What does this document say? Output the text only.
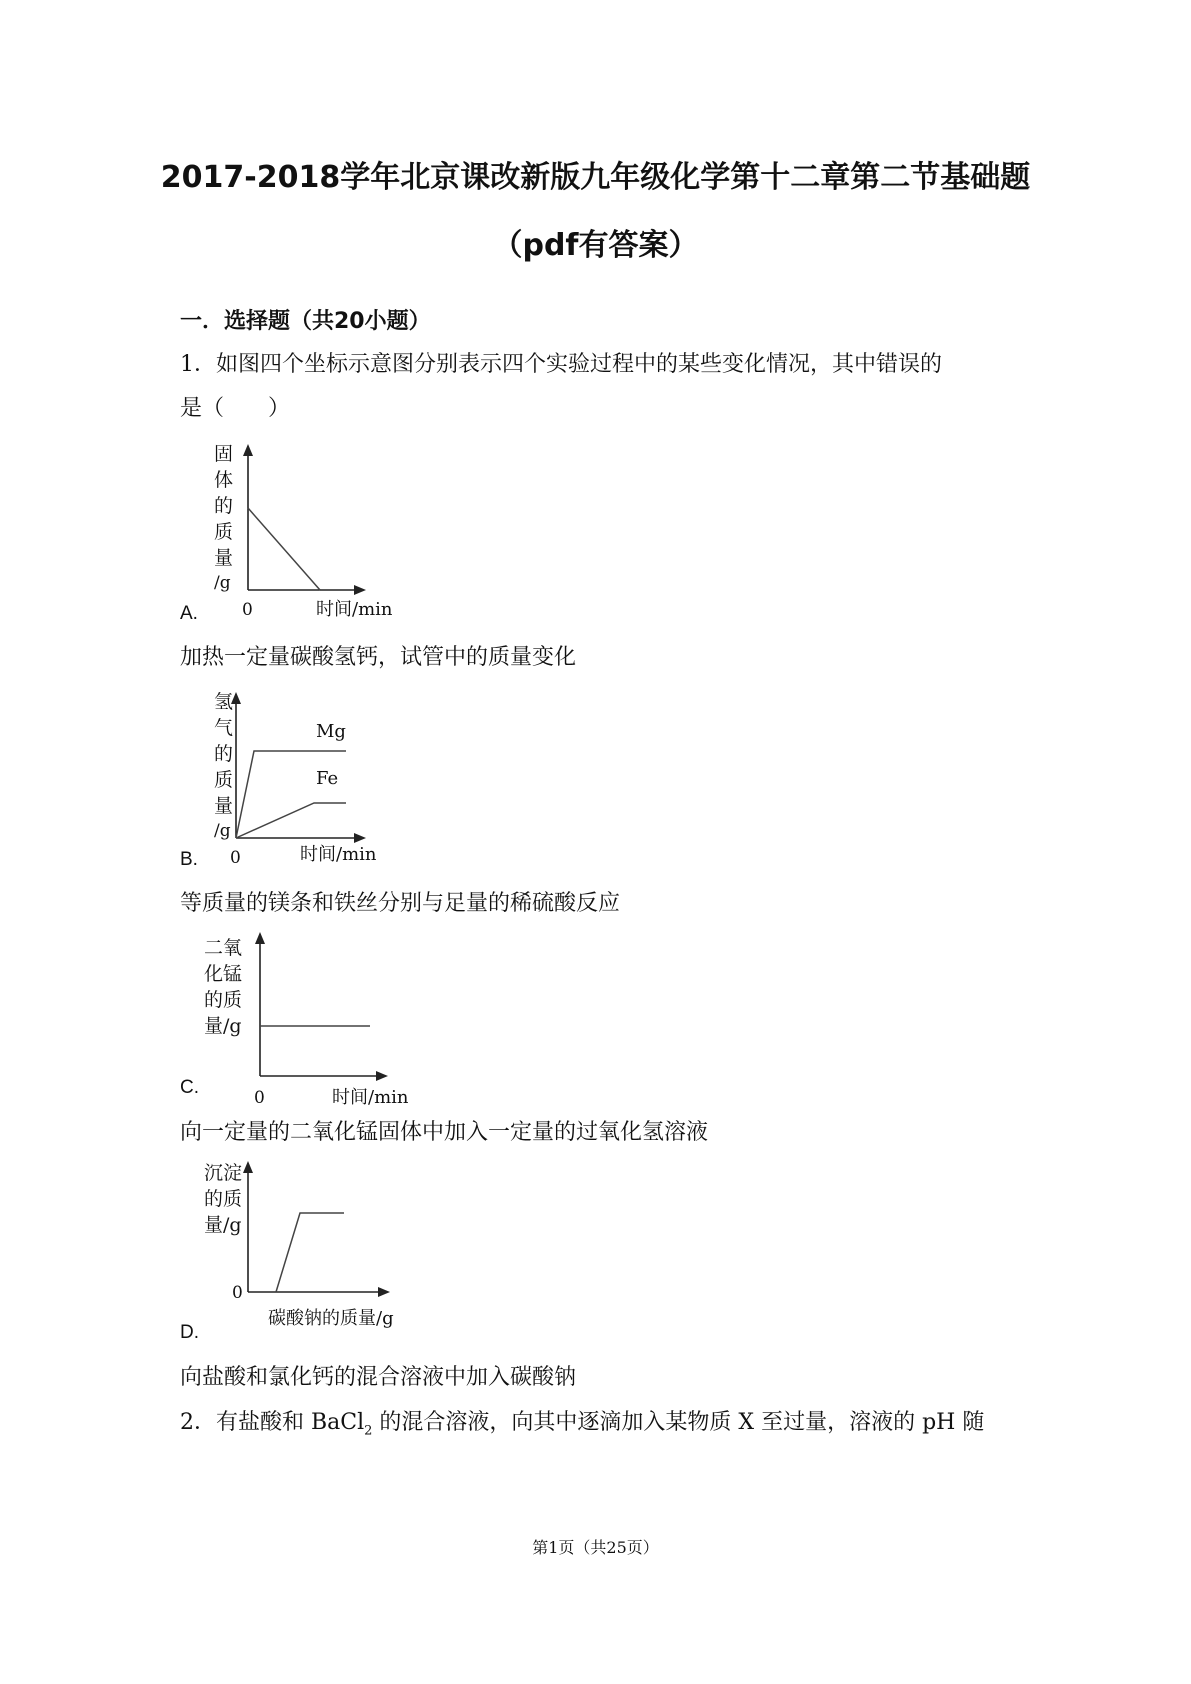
2017-2018学年北京课改新版九年级化学第十二章第二节基础题
（pdf有答案）
一．选择题（共20小题）
1．如图四个坐标示意图分别表示四个实验过程中的某些变化情况，其中错误的
是（　　）
固
体
的
质
量
/g
0	时间/min
A.
加热一定量碳酸氢钙，试管中的质量变化
氢
气
的
质
量
/g
Mg
Fe
0	时间/min
B.
等质量的镁条和铁丝分别与足量的稀硫酸反应
二氧
化锰
的质
量/g
0	时间/min
C.
向一定量的二氧化锰固体中加入一定量的过氧化氢溶液
沉淀
的质
量/g
0
碳酸钠的质量/g
D.
向盐酸和氯化钙的混合溶液中加入碳酸钠
2．有盐酸和 BaCl$_2$ 的混合溶液，向其中逐滴加入某物质 X 至过量，溶液的 pH 随
第1页（共25页）
